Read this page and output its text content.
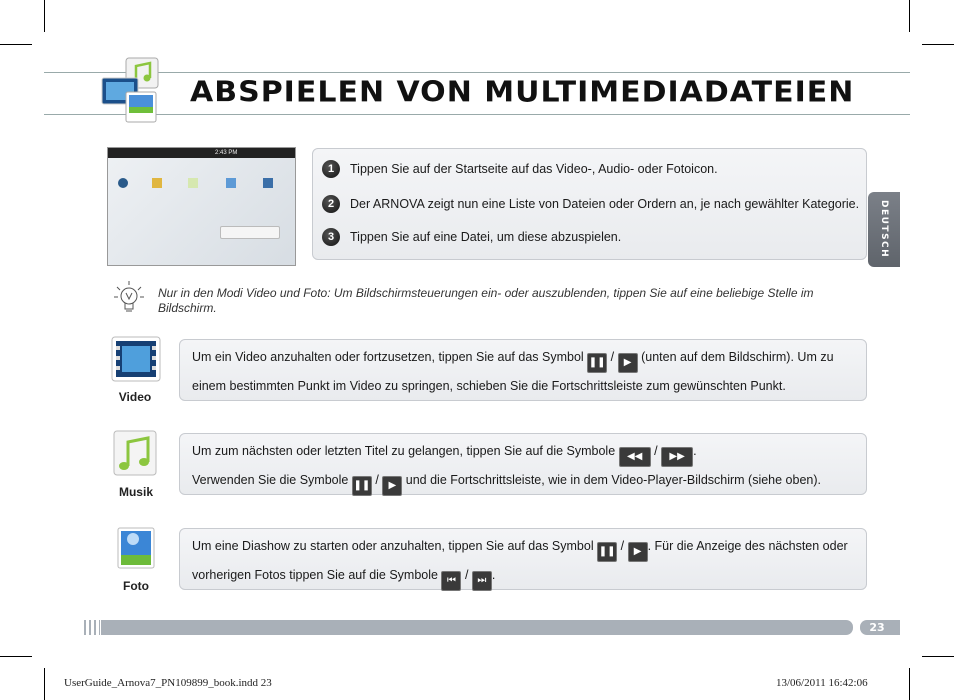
ABSPIELEN VON MULTIMEDIADATEIEN
DEUTSCH
2:43 PM
1	Tippen Sie auf der Startseite auf das Video-, Audio- oder Fotoicon.
2	Der ARNOVA zeigt nun eine Liste von Dateien oder Ordern an, je nach gewählter Kategorie.
3	Tippen Sie auf eine Datei, um diese abzuspielen.
Nur in den Modi Video und Foto: Um Bildschirmsteuerungen ein- oder auszublenden, tippen Sie auf eine beliebige Stelle im Bildschirm.
Video
Um ein Video anzuhalten oder fortzusetzen, tippen Sie auf das Symbol ❚❚ / ▶ (unten auf dem Bildschirm). Um zu
einem bestimmten Punkt im Video zu springen, schieben Sie die Fortschrittsleiste zum gewünschten Punkt.
Musik
Um zum nächsten oder letzten Titel zu gelangen, tippen Sie auf die Symbole ◀◀ / ▶▶ .
Verwenden Sie die Symbole ❚❚ / ▶ und die Fortschrittsleiste, wie in dem Video-Player-Bildschirm (siehe oben).
Foto
Um eine Diashow zu starten oder anzuhalten, tippen Sie auf das Symbol ❚❚ / ▶ . Für die Anzeige des nächsten oder
vorherigen Fotos tippen Sie auf die Symbole ⏮ / ⏭ .
23
UserGuide_Arnova7_PN109899_book.indd 23	13/06/2011 16:42:06
